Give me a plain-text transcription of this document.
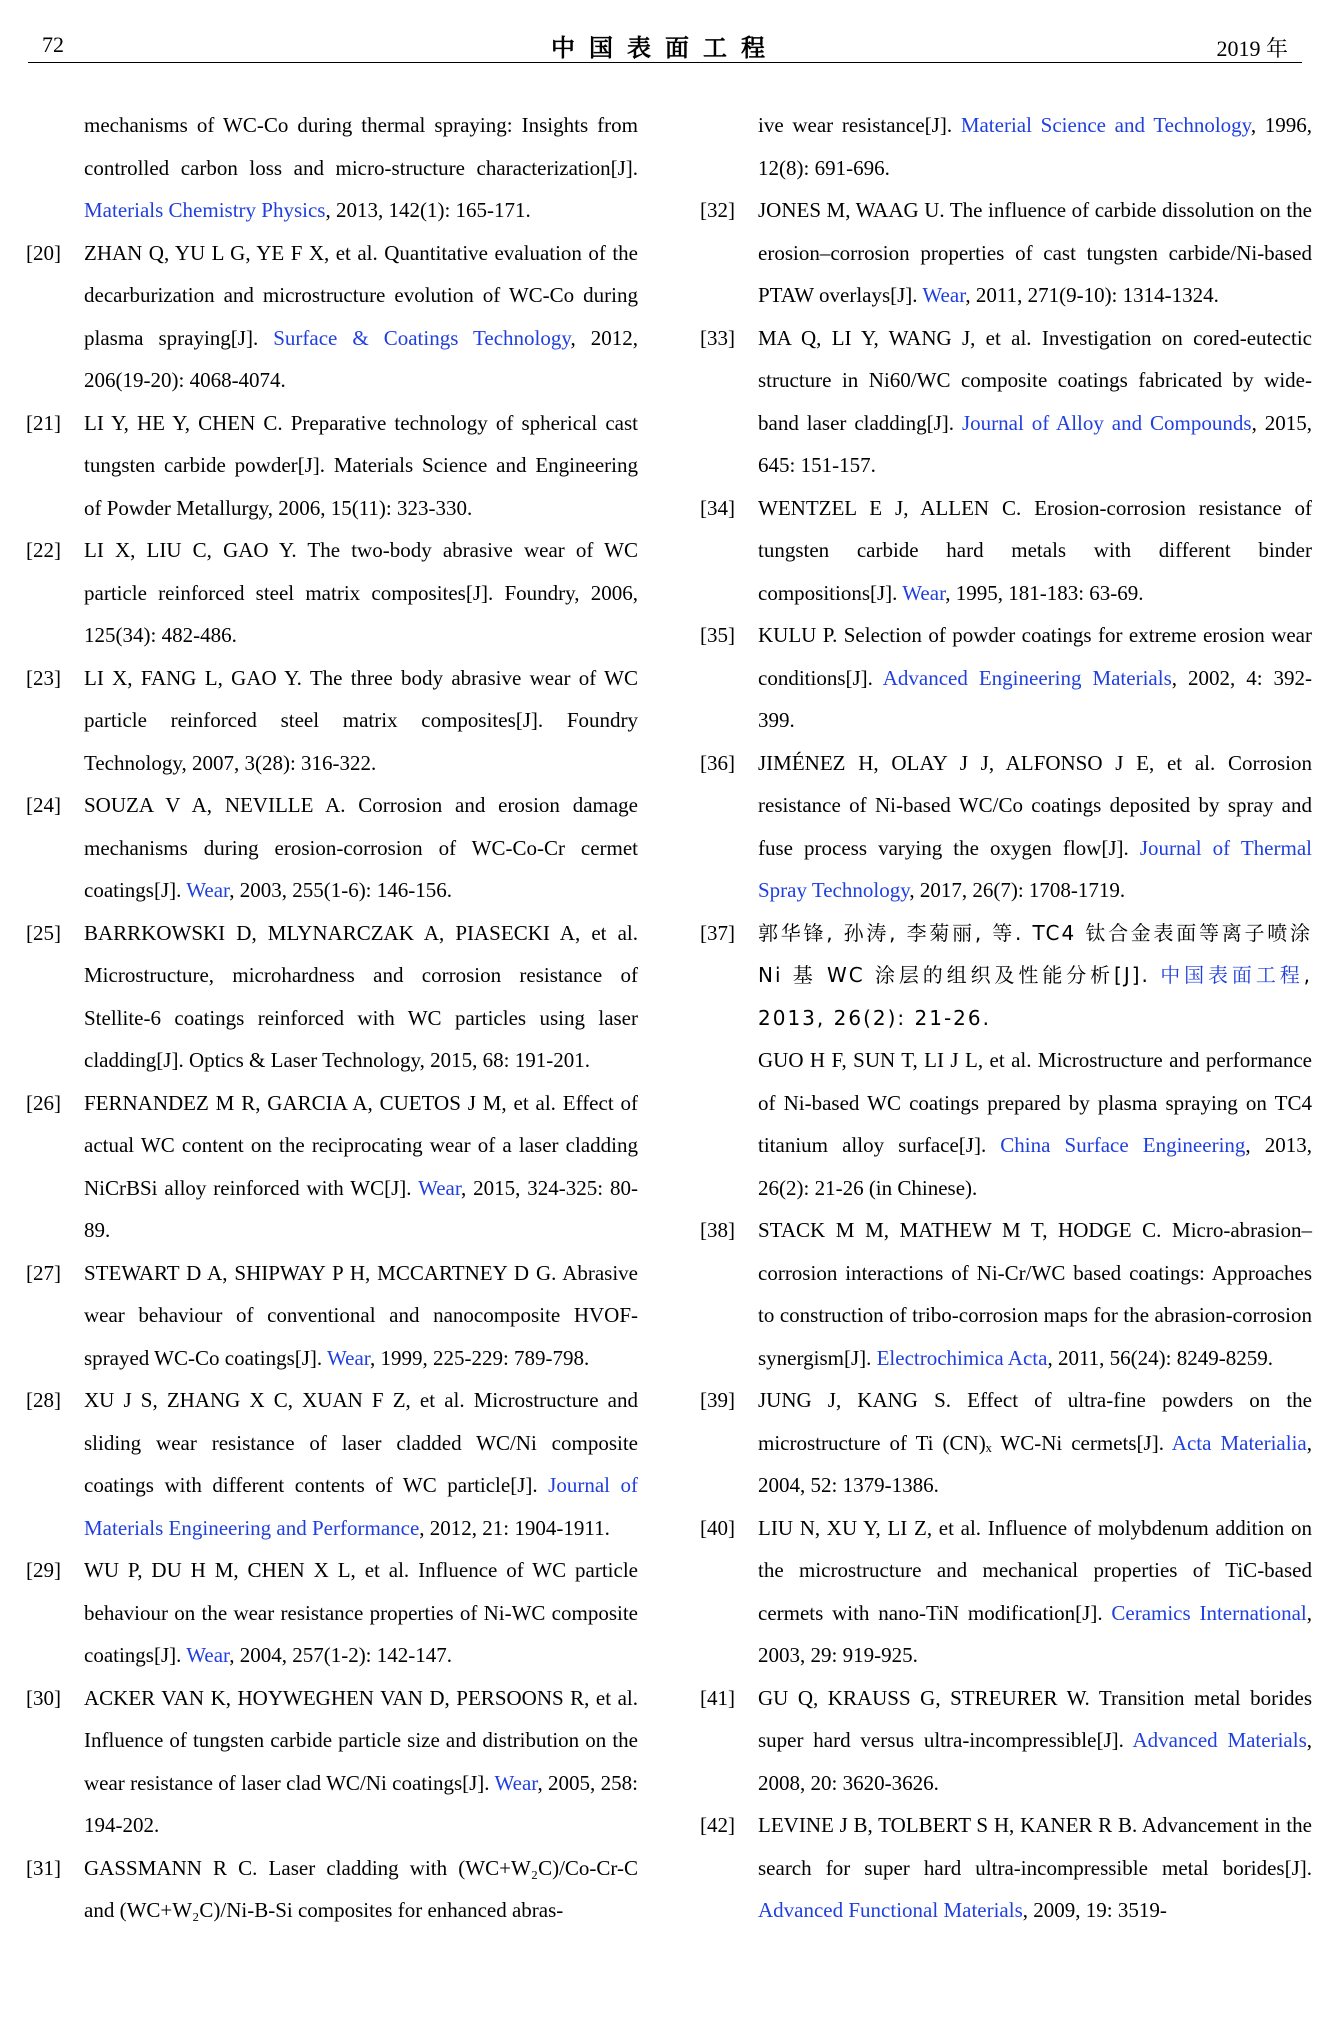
72	中国表面工程	2019 年
mechanisms of WC-Co during thermal spraying: Insights from controlled carbon loss and micro-structure characterization[J]. Materials Chemistry Physics, 2013, 142(1): 165-171.
[20] ZHAN Q, YU L G, YE F X, et al. Quantitative evaluation of the decarburization and microstructure evolution of WC-Co during plasma spraying[J]. Surface & Coatings Technology, 2012, 206(19-20): 4068-4074.
[21] LI Y, HE Y, CHEN C. Preparative technology of spherical cast tungsten carbide powder[J]. Materials Science and Engineering of Powder Metallurgy, 2006, 15(11): 323-330.
[22] LI X, LIU C, GAO Y. The two-body abrasive wear of WC particle reinforced steel matrix composites[J]. Foundry, 2006, 125(34): 482-486.
[23] LI X, FANG L, GAO Y. The three body abrasive wear of WC particle reinforced steel matrix composites[J]. Foundry Technology, 2007, 3(28): 316-322.
[24] SOUZA V A, NEVILLE A. Corrosion and erosion damage mechanisms during erosion-corrosion of WC-Co-Cr cermet coatings[J]. Wear, 2003, 255(1-6): 146-156.
[25] BARRKOWSKI D, MLYNARCZAK A, PIASECKI A, et al. Microstructure, microhardness and corrosion resistance of Stellite-6 coatings reinforced with WC particles using laser cladding[J]. Optics & Laser Technology, 2015, 68: 191-201.
[26] FERNANDEZ M R, GARCIA A, CUETOS J M, et al. Effect of actual WC content on the reciprocating wear of a laser cladding NiCrBSi alloy reinforced with WC[J]. Wear, 2015, 324-325: 80-89.
[27] STEWART D A, SHIPWAY P H, MCCARTNEY D G. Abrasive wear behaviour of conventional and nanocomposite HVOF-sprayed WC-Co coatings[J]. Wear, 1999, 225-229: 789-798.
[28] XU J S, ZHANG X C, XUAN F Z, et al. Microstructure and sliding wear resistance of laser cladded WC/Ni composite coatings with different contents of WC particle[J]. Journal of Materials Engineering and Performance, 2012, 21: 1904-1911.
[29] WU P, DU H M, CHEN X L, et al. Influence of WC particle behaviour on the wear resistance properties of Ni-WC composite coatings[J]. Wear, 2004, 257(1-2): 142-147.
[30] ACKER VAN K, HOYWEGHEN VAN D, PERSOONS R, et al. Influence of tungsten carbide particle size and distribution on the wear resistance of laser clad WC/Ni coatings[J]. Wear, 2005, 258: 194-202.
[31] GASSMANN R C. Laser cladding with (WC+W₂C)/Co-Cr-C and (WC+W₂C)/Ni-B-Si composites for enhanced abras-
ive wear resistance[J]. Material Science and Technology, 1996, 12(8): 691-696.
[32] JONES M, WAAG U. The influence of carbide dissolution on the erosion–corrosion properties of cast tungsten carbide/Ni-based PTAW overlays[J]. Wear, 2011, 271(9-10): 1314-1324.
[33] MA Q, LI Y, WANG J, et al. Investigation on cored-eutectic structure in Ni60/WC composite coatings fabricated by wide-band laser cladding[J]. Journal of Alloy and Compounds, 2015, 645: 151-157.
[34] WENTZEL E J, ALLEN C. Erosion-corrosion resistance of tungsten carbide hard metals with different binder compositions[J]. Wear, 1995, 181-183: 63-69.
[35] KULU P. Selection of powder coatings for extreme erosion wear conditions[J]. Advanced Engineering Materials, 2002, 4: 392-399.
[36] JIMÉNEZ H, OLAY J J, ALFONSO J E, et al. Corrosion resistance of Ni-based WC/Co coatings deposited by spray and fuse process varying the oxygen flow[J]. Journal of Thermal Spray Technology, 2017, 26(7): 1708-1719.
[37] 郭华锋, 孙涛, 李菊丽, 等. TC4 钛合金表面等离子喷涂 Ni 基 WC 涂层的组织及性能分析[J]. 中国表面工程, 2013, 26(2): 21-26.
GUO H F, SUN T, LI J L, et al. Microstructure and performance of Ni-based WC coatings prepared by plasma spraying on TC4 titanium alloy surface[J]. China Surface Engineering, 2013, 26(2): 21-26 (in Chinese).
[38] STACK M M, MATHEW M T, HODGE C. Micro-abrasion–corrosion interactions of Ni-Cr/WC based coatings: Approaches to construction of tribo-corrosion maps for the abrasion-corrosion synergism[J]. Electrochimica Acta, 2011, 56(24): 8249-8259.
[39] JUNG J, KANG S. Effect of ultra-fine powders on the microstructure of Ti (CN)ₓ WC-Ni cermets[J]. Acta Materialia, 2004, 52: 1379-1386.
[40] LIU N, XU Y, LI Z, et al. Influence of molybdenum addition on the microstructure and mechanical properties of TiC-based cermets with nano-TiN modification[J]. Ceramics International, 2003, 29: 919-925.
[41] GU Q, KRAUSS G, STREURER W. Transition metal borides super hard versus ultra-incompressible[J]. Advanced Materials, 2008, 20: 3620-3626.
[42] LEVINE J B, TOLBERT S H, KANER R B. Advancement in the search for super hard ultra-incompressible metal borides[J]. Advanced Functional Materials, 2009, 19: 3519-
